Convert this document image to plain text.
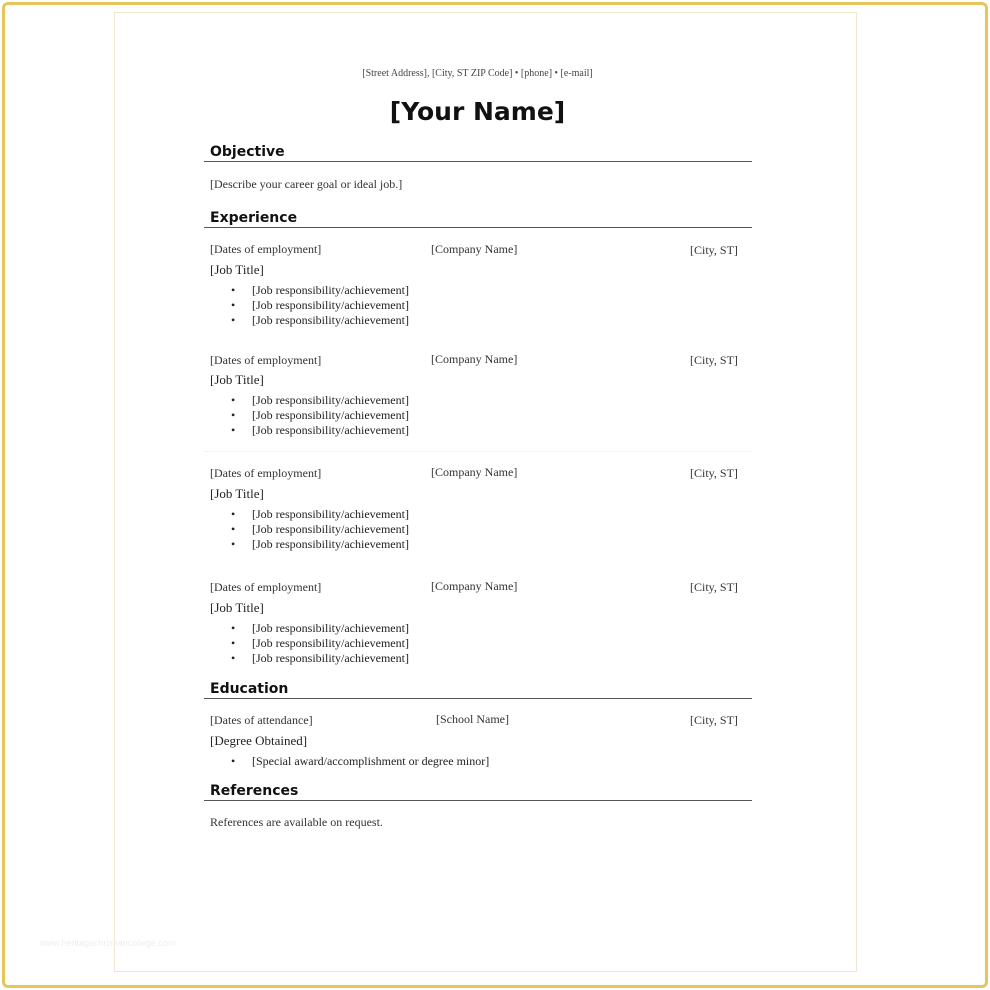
[Street Address], [City, ST ZIP Code] • [phone] • [e-mail]
[Your Name]
Objective
[Describe your career goal or ideal job.]
Experience
[Dates of employment]	[Company Name]	[City, ST]
[Job Title]
• [Job responsibility/achievement]
• [Job responsibility/achievement]
• [Job responsibility/achievement]
[Dates of employment]	[Company Name]	[City, ST]
[Job Title]
• [Job responsibility/achievement]
• [Job responsibility/achievement]
• [Job responsibility/achievement]
[Dates of employment]	[Company Name]	[City, ST]
[Job Title]
• [Job responsibility/achievement]
• [Job responsibility/achievement]
• [Job responsibility/achievement]
[Dates of employment]	[Company Name]	[City, ST]
[Job Title]
• [Job responsibility/achievement]
• [Job responsibility/achievement]
• [Job responsibility/achievement]
Education
[Dates of attendance]	[School Name]	[City, ST]
[Degree Obtained]
• [Special award/accomplishment or degree minor]
References
References are available on request.
www.heritagechristiancollege.com
